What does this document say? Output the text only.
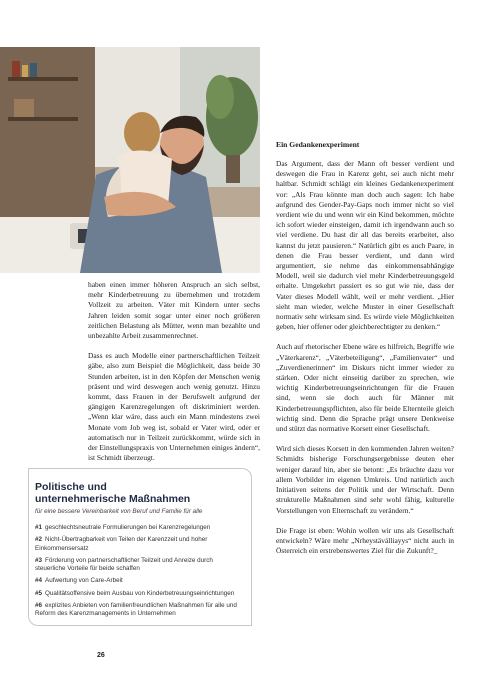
haben einen immer höheren Anspruch an sich selbst, mehr Kinderbetreuung zu übernehmen und trotzdem Vollzeit zu arbeiten. Väter mit Kindern unter sechs Jahren leiden somit sogar unter einer noch größeren zeitlichen Belastung als Mütter, wenn man bezahlte und unbezahlte Arbeit zusammenrechnet.

Dass es auch Modelle einer partnerschaftlichen Teilzeit gäbe, also zum Beispiel die Möglichkeit, dass beide 30 Stunden arbeiten, ist in den Köpfen der Menschen wenig präsent und wird deswegen auch wenig genutzt. Hinzu kommt, dass Frauen in der Berufswelt aufgrund der gängigen Karenzregelungen oft diskriminiert werden. „Wenn klar wäre, dass auch ein Mann mindestens zwei Monate vom Job weg ist, sobald er Vater wird, oder er automatisch nur in Teilzeit zurückkommt, würde sich in der Einstellungspraxis von Unternehmen einiges ändern“, ist Schmidt überzeugt.

Ein Gedankenexperiment

Das Argument, dass der Mann oft besser verdient und deswegen die Frau in Karenz geht, sei auch nicht mehr haltbar. Schmidt schlägt ein kleines Gedankenexperiment vor: „Als Frau könnte man doch auch sagen: Ich habe aufgrund des Gender-Pay-Gaps noch immer nicht so viel verdient wie du und wenn wir ein Kind bekommen, möchte ich sofort wieder einsteigen, damit ich irgendwann auch so viel verdiene. Du hast dir all das bereits erarbeitet, also kannst du jetzt pausieren.“ Natürlich gibt es auch Paare, in denen die Frau besser verdient, und dann wird argumentiert, sie nehme das einkommensabhängige Modell, weil sie dadurch viel mehr Kinderbetreuungsgeld erhalte. Umgekehrt passiert es so gut wie nie, dass der Vater dieses Modell wählt, weil er mehr verdient. „Hier sieht man wieder, welche Muster in einer Gesellschaft normativ sehr wirksam sind. Es würde viele Möglichkeiten geben, hier offener oder gleichberechtigter zu denken.“

Auch auf rhetorischer Ebene wäre es hilfreich, Begriffe wie „Väterkarenz“, „Väterbeteiligung“, „Familienvater“ und „Zuverdienerinnen“ im Diskurs nicht immer wieder zu stärken. Oder nicht einseitig darüber zu sprechen, wie wichtig Kinderbetreuungseinrichtungen für die Frauen sind, wenn sie doch auch für Männer mit Kinderbetreuungspflichten, also für beide Elternteile gleich wichtig sind. Denn die Sprache prägt unsere Denkweise und stützt das normative Korsett einer Gesellschaft.

Wird sich dieses Korsett in den kommenden Jahren weiten? Schmidts bisherige Forschungsergebnisse deuten eher weniger darauf hin, aber sie betont: „Es bräuchte dazu vor allem Vorbilder im eigenen Umkreis. Und natürlich auch Initiativen seitens der Politik und der Wirtschaft. Denn strukturelle Maßnahmen sind sehr wohl fähig, kulturelle Vorstellungen von Elternschaft zu verändern.“

Die Frage ist eben: Wohin wollen wir uns als Gesellschaft entwickeln? Wäre mehr „Nrheystäválliayys“ nicht auch in Österreich ein erstrebenswertes Ziel für die Zukunft?_

Politische und
unternehmerische Maßnahmen
für eine bessere Vereinbarkeit von Beruf und Familie für alle
#1 geschlechtsneutrale Formulierungen bei Karenzregelungen
#2 Nicht-Übertragbarkeit von Teilen der Karenzzeit und hoher Einkommensersatz
#3 Förderung von partnerschaftlicher Teilzeit und Anreize durch steuerliche Vorteile für beide schaffen
#4 Aufwertung von Care-Arbeit
#5 Qualitätsoffensive beim Ausbau von Kinderbetreuungseinrichtungen
#6 explizites Anbieten von familienfreundlichen Maßnahmen für alle und Reform des Karenzmanagements in Unternehmen
26
